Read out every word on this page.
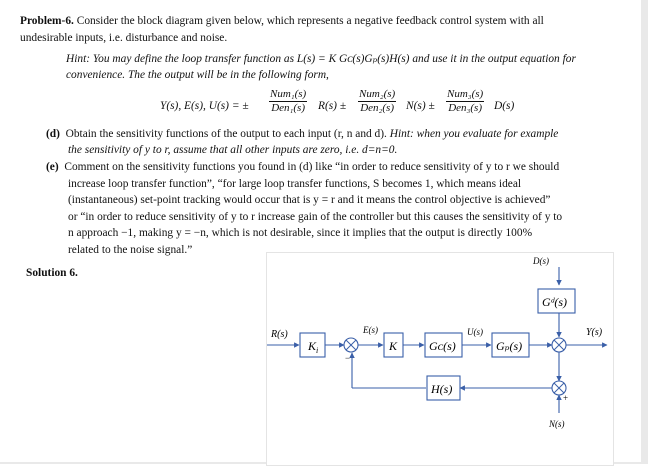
Problem-6. Consider the block diagram given below, which represents a negative feedback control system with all
undesirable inputs, i.e. disturbance and noise.
Hint: You may define the loop transfer function as L(s) = K Gᴄ(s)Gₚ(s)H(s) and use it in the output equation for
convenience. The the output will be in the following form,
Y(s), E(s), U(s) = ±
Num₁(s)
Den₁(s) R(s) ±
Num₂(s)
Den₂(s) N(s) ±
Num₃(s)
Den₃(s) D(s)
(d) Obtain the sensitivity functions of the output to each input (r, n and d). Hint: when you evaluate for example
the sensitivity of y to r, assume that all other inputs are zero, i.e. d=n=0.
(e) Comment on the sensitivity functions you found in (d) like “in order to reduce sensitivity of y to r we should
increase loop transfer function”, “for large loop transfer functions, S becomes 1, which means ideal
(instantaneous) set-point tracking would occur that is y = r and it means the control objective is achieved”
or “in order to reduce sensitivity of y to r increase gain of the controller but this causes the sensitivity of y to
n approach −1, making y = −n, which is not desirable, since it implies that the output is directly 100%
related to the noise signal.”
Solution 6.
K i	K	Gᴄ(s)	Gₚ(s)
Gᵈ(s)
H(s)
R(s)	E(s)	U(s)
D(s)
Y(s)
N(s)
−
+
